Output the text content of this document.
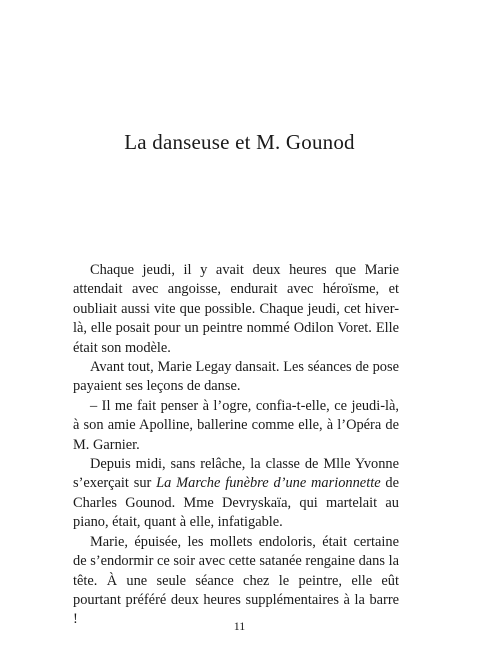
La danseuse et M. Gounod

Chaque jeudi, il y avait deux heures que Marie attendait avec angoisse, endurait avec héroïsme, et oubliait aussi vite que possible. Chaque jeudi, cet hiver-là, elle posait pour un peintre nommé Odilon Voret. Elle était son modèle.

Avant tout, Marie Legay dansait. Les séances de pose payaient ses leçons de danse.

– Il me fait penser à l’ogre, confia-t-elle, ce jeudi-là, à son amie Apolline, ballerine comme elle, à l’Opéra de M. Garnier.

Depuis midi, sans relâche, la classe de Mlle Yvonne s’exerçait sur La Marche funèbre d’une marionnette de Charles Gounod. Mme Devryskaïa, qui martelait au piano, était, quant à elle, infatigable.

Marie, épuisée, les mollets endoloris, était certaine de s’endormir ce soir avec cette satanée rengaine dans la tête. À une seule séance chez le peintre, elle eût pourtant préféré deux heures supplémentaires à la barre !	11
